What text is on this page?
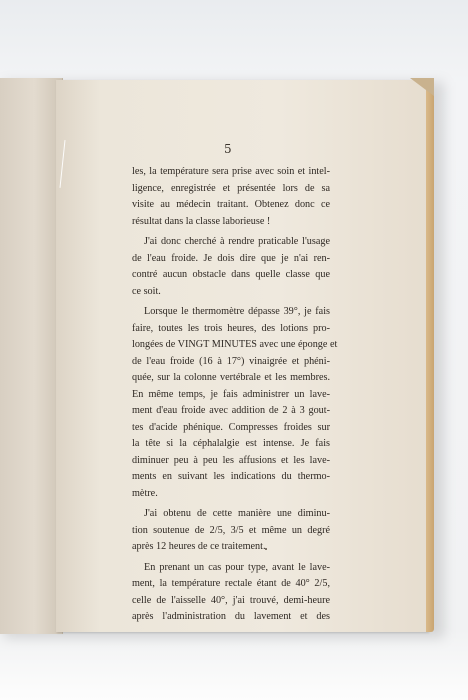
5

les, la température sera prise avec soin et intel-
ligence, enregistrée et présentée lors de sa
visite au médecin traitant. Obtenez donc ce
résultat dans la classe laborieuse !

J'ai donc cherché à rendre praticable l'usage
de l'eau froide. Je dois dire que je n'ai ren-
contré aucun obstacle dans quelle classe que
ce soit.

Lorsque le thermomètre dépasse 39°, je fais
faire, toutes les trois heures, des lotions pro-
longées de VINGT MINUTES avec une éponge et
de l'eau froide (16 à 17°) vinaigrée et phéni-
quée, sur la colonne vertébrale et les membres.
En même temps, je fais administrer un lave-
ment d'eau froide avec addition de 2 à 3 gout-
tes d'acide phénique. Compresses froides sur
la tête si la céphalalgie est intense. Je fais
diminuer peu à peu les affusions et les lave-
ments en suivant les indications du thermo-
mètre.

J'ai obtenu de cette manière une diminu-
tion soutenue de 2/5, 3/5 et même un degré
après 12 heures de ce traitement.

En prenant un cas pour type, avant le lave-
ment, la température rectale étant de 40° 2/5,
celle de l'aisselle 40°, j'ai trouvé, demi-heure
après l'administration du lavement et des
